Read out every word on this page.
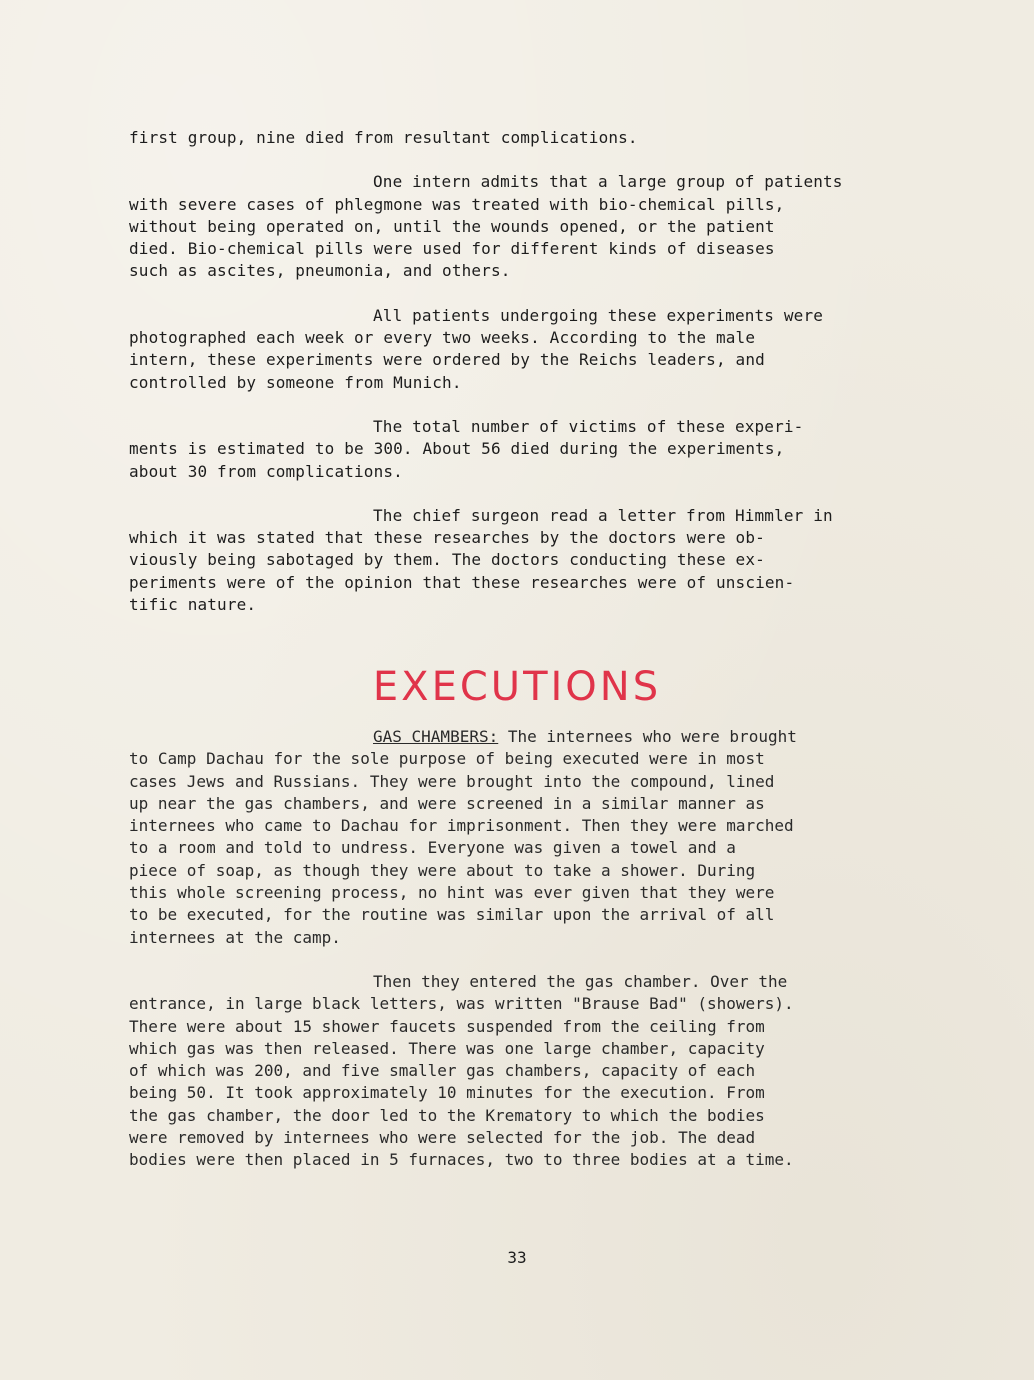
first group, nine died from resultant complications.
One intern admits that a large group of patients
with severe cases of phlegmone was treated with bio-chemical pills,
without being operated on, until the wounds opened, or the patient
died. Bio-chemical pills were used for different kinds of diseases
such as ascites, pneumonia, and others.
All patients undergoing these experiments were
photographed each week or every two weeks. According to the male
intern, these experiments were ordered by the Reichs leaders, and
controlled by someone from Munich.
The total number of victims of these experi-
ments is estimated to be 300. About 56 died during the experiments,
about 30 from complications.
The chief surgeon read a letter from Himmler in
which it was stated that these researches by the doctors were ob-
viously being sabotaged by them. The doctors conducting these ex-
periments were of the opinion that these researches were of unscien-
tific nature.
EXECUTIONS
GAS CHAMBERS: The internees who were brought
to Camp Dachau for the sole purpose of being executed were in most
cases Jews and Russians. They were brought into the compound, lined
up near the gas chambers, and were screened in a similar manner as
internees who came to Dachau for imprisonment. Then they were marched
to a room and told to undress. Everyone was given a towel and a
piece of soap, as though they were about to take a shower. During
this whole screening process, no hint was ever given that they were
to be executed, for the routine was similar upon the arrival of all
internees at the camp.
Then they entered the gas chamber. Over the
entrance, in large black letters, was written "Brause Bad" (showers).
There were about 15 shower faucets suspended from the ceiling from
which gas was then released. There was one large chamber, capacity
of which was 200, and five smaller gas chambers, capacity of each
being 50. It took approximately 10 minutes for the execution. From
the gas chamber, the door led to the Krematory to which the bodies
were removed by internees who were selected for the job. The dead
bodies were then placed in 5 furnaces, two to three bodies at a time.
33
